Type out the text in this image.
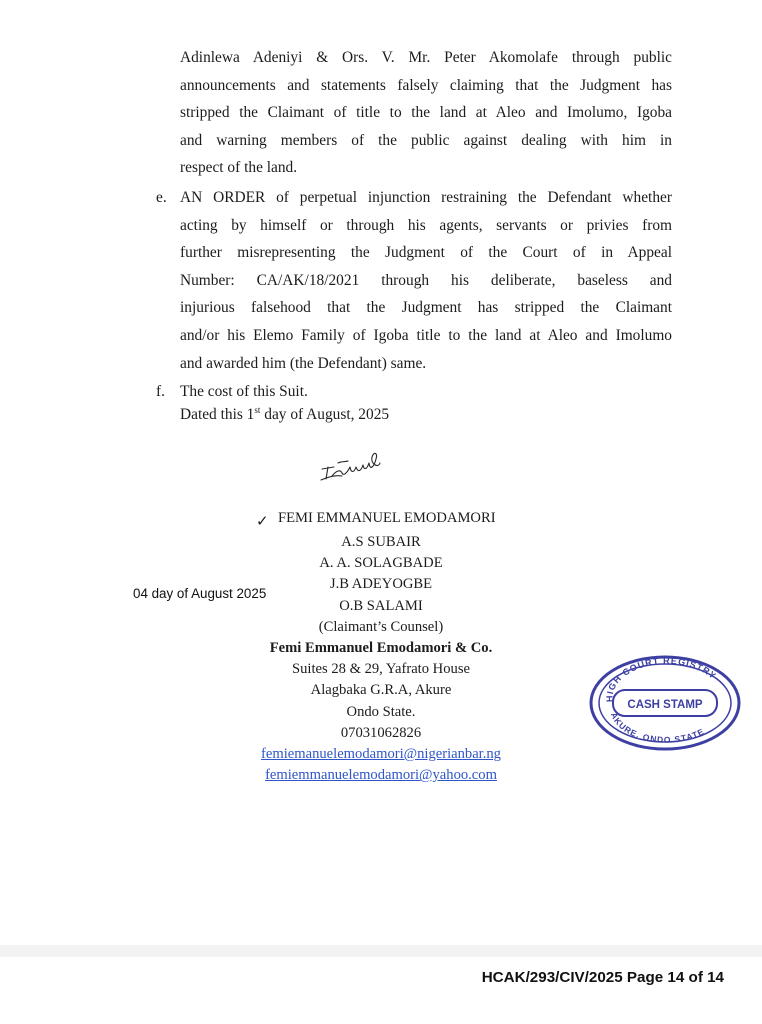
Adinlewa Adeniyi & Ors. V. Mr. Peter Akomolafe through public
announcements and statements falsely claiming that the Judgment has
stripped the Claimant of title to the land at Aleo and Imolumo, Igoba
and warning members of the public against dealing with him in
respect of the land.
e. AN ORDER of perpetual injunction restraining the Defendant whether
acting by himself or through his agents, servants or privies from
further misrepresenting the Judgment of the Court of in Appeal
Number: CA/AK/18/2021 through his deliberate, baseless and
injurious falsehood that the Judgment has stripped the Claimant
and/or his Elemo Family of Igoba title to the land at Aleo and Imolumo
and awarded him (the Defendant) same.
f. The cost of this Suit.
Dated this 1st day of August, 2025
✓ FEMI EMMANUEL EMODAMORI
A.S SUBAIR
A. A. SOLAGBADE
J.B ADEYOGBE
O.B SALAMI
(Claimant’s Counsel)
Femi Emmanuel Emodamori & Co.
Suites 28 & 29, Yafrato House
Alagbaka G.R.A, Akure
Ondo State.
07031062826
femiemanuelemodamori@nigerianbar.ng
femiemmanuelemodamori@yahoo.com
04 day of August 2025
HIGH COURT REGISTRY
CASH STAMP
AKURE, ONDO STATE
HCAK/293/CIV/2025 Page 14 of 14
